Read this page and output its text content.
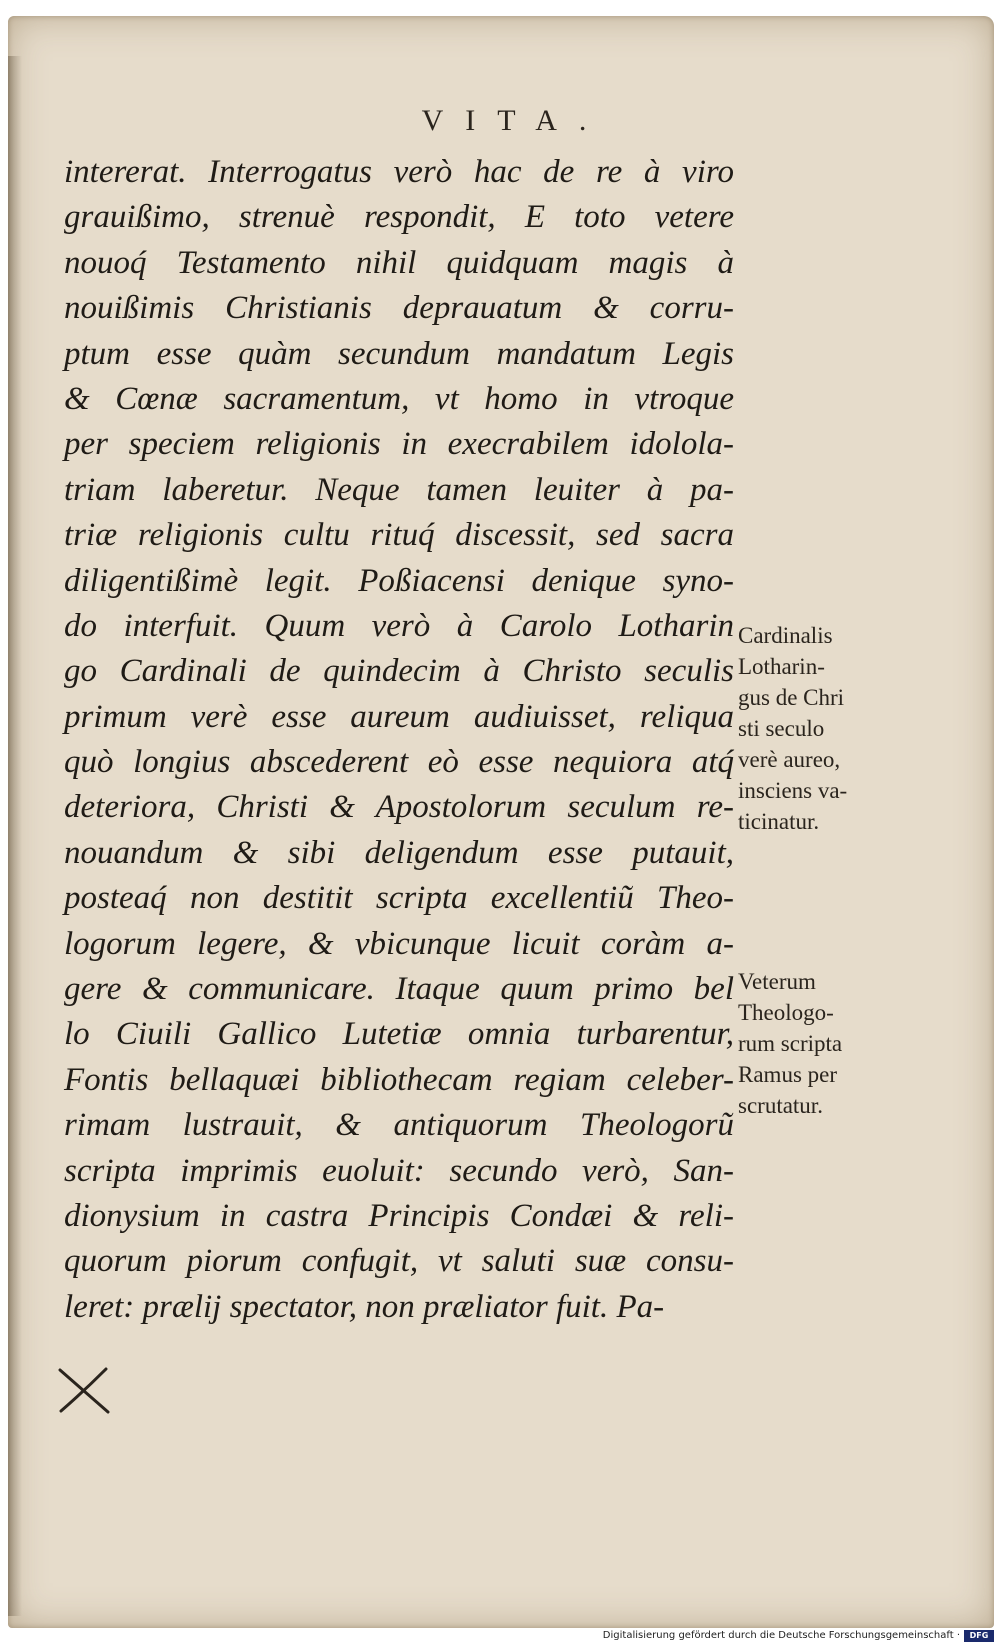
VITA.
intererat. Interrogatus verò hac de re à viro
grauißimo, strenuè respondit, E toto vetere
nouoq́ Testamento nihil quidquam magis à
nouißimis Christianis deprauatum & corru-
ptum esse quàm secundum mandatum Legis
& Cœnæ sacramentum, vt homo in vtroque
per speciem religionis in execrabilem idolola-
triam laberetur. Neque tamen leuiter à pa-
triæ religionis cultu rituq́ discessit, sed sacra
diligentißimè legit. Poßiacensi denique syno-
do interfuit. Quum verò à Carolo Lotharin
go Cardinali de quindecim à Christo seculis
primum verè esse aureum audiuisset, reliqua
quò longius abscederent eò esse nequiora atq́
deteriora, Christi & Apostolorum seculum re-
nouandum & sibi deligendum esse putauit,
posteaq́ non destitit scripta excellentiũ Theo-
logorum legere, & vbicunque licuit coràm a-
gere & communicare. Itaque quum primo bel
lo Ciuili Gallico Lutetiæ omnia turbarentur,
Fontis bellaquæi bibliothecam regiam celeber-
rimam lustrauit, & antiquorum Theologorũ
scripta imprimis euoluit: secundo verò, San-
dionysium in castra Principis Condæi & reli-
quorum piorum confugit, vt saluti suæ consu-
leret: prælij spectator, non præliator fuit. Pa-
Cardinalis
Lotharin-
gus de Chri
sti seculo
verè aureo,
insciens va-
ticinatur.
Veterum
Theologo-
rum scripta
Ramus per
scrutatur.
Digitalisierung gefördert durch die Deutsche Forschungsgemeinschaft ·	DFG
